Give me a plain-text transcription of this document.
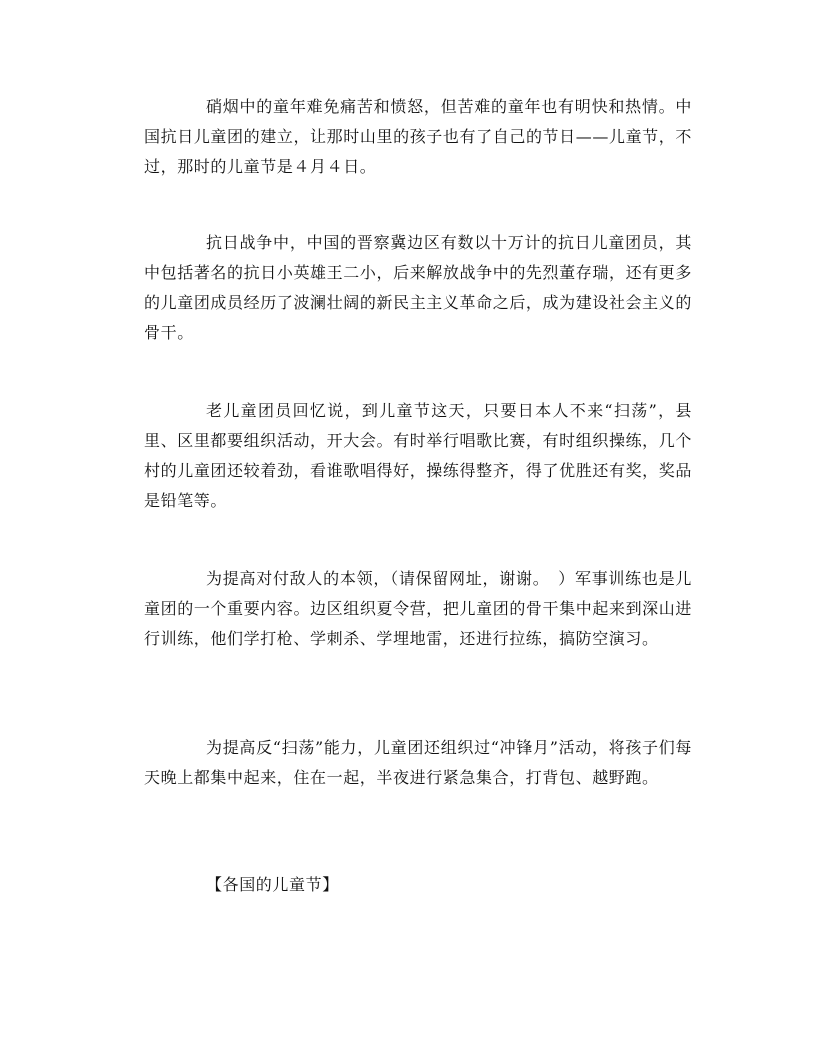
硝烟中的童年难免痛苦和愤怒，但苦难的童年也有明快和热情。中国抗日儿童团的建立，让那时山里的孩子也有了自己的节日——儿童节，不过，那时的儿童节是４月４日。

抗日战争中，中国的晋察冀边区有数以十万计的抗日儿童团员，其中包括著名的抗日小英雄王二小，后来解放战争中的先烈董存瑞，还有更多的儿童团成员经历了波澜壮阔的新民主主义革命之后，成为建设社会主义的骨干。

老儿童团员回忆说，到儿童节这天，只要日本人不来“扫荡”，县里、区里都要组织活动，开大会。有时举行唱歌比赛，有时组织操练，几个村的儿童团还较着劲，看谁歌唱得好，操练得整齐，得了优胜还有奖，奖品是铅笔等。

为提高对付敌人的本领，（请保留网址，谢谢。　）军事训练也是儿童团的一个重要内容。边区组织夏令营，把儿童团的骨干集中起来到深山进行训练，他们学打枪、学刺杀、学埋地雷，还进行拉练，搞防空演习。

为提高反“扫荡”能力，儿童团还组织过“冲锋月”活动，将孩子们每天晚上都集中起来，住在一起，半夜进行紧急集合，打背包、越野跑。

【各国的儿童节】
